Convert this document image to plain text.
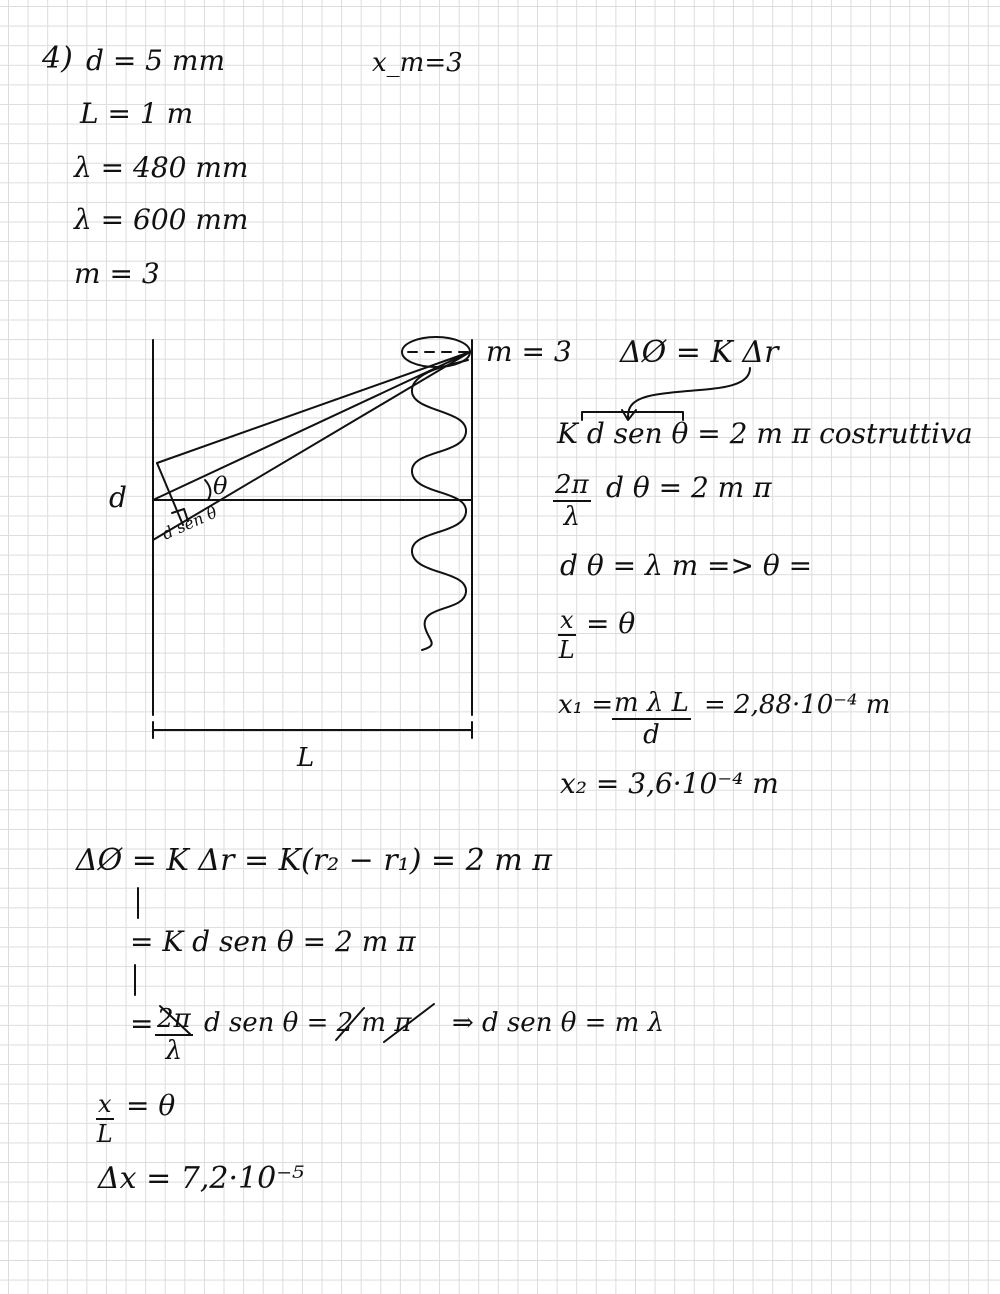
4) d = 5 mm	x_m=3
L = 1 m
λ = 480 mm
λ = 600 mm
m = 3
m = 3
d	θ
d sen θ
L
ΔØ = K Δr
K d sen θ = 2 m π costruttiva
$\frac{2\pi}{\lambda}$ d θ = 2 m π
d θ = λ m => θ =
$\frac{x}{L} = \theta$
x₁ =
$\frac{\text{m λ L}}{d} = 2,88\cdot 10^{-4}$ m
x₂ = 3,6·10⁻⁴ m
ΔØ = K Δr = K(r₂ − r₁) = 2 m π
= K d sen θ = 2 m π
= $\frac{2\pi}{\lambda}$ d sen θ = 2 m π ⇒ d sen θ = m λ
$\frac{x}{L} = \theta$
Δx = 7,2·10⁻⁵
